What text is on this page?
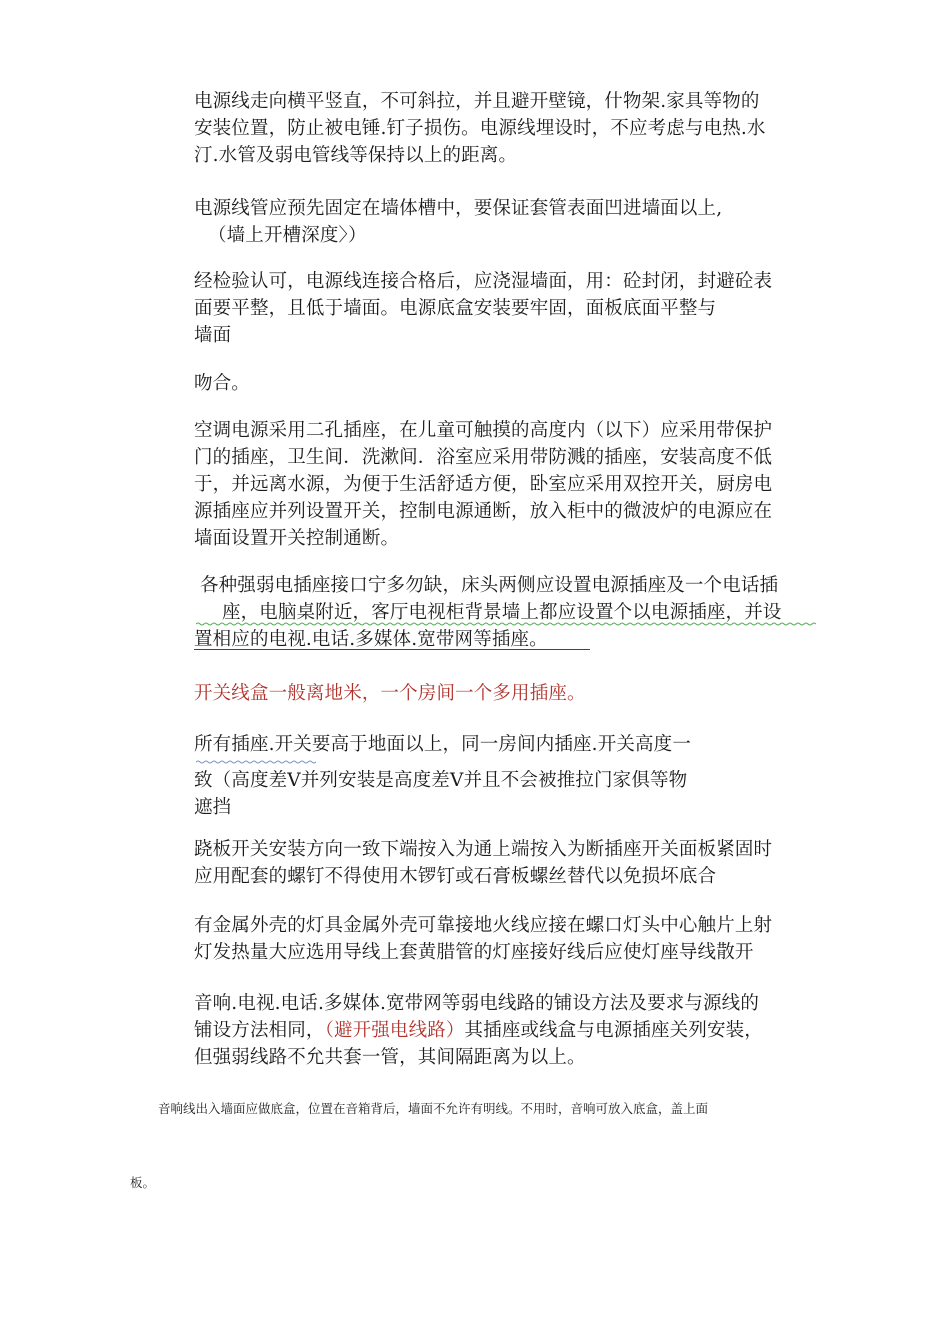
电源线走向横平竖直，不可斜拉，并且避开壁镜，什物架.家具等物的
安装位置，防止被电锤.钉子损伤。电源线埋设时，不应考虑与电热.水
汀.水管及弱电管线等保持以上的距离。

电源线管应预先固定在墙体槽中，要保证套管表面凹进墙面以上,
（墙上开槽深度〉）

经检验认可，电源线连接合格后，应浇湿墙面，用：砼封闭，封避砼表
面要平整，且低于墙面。电源底盒安装要牢固，面板底面平整与
墙面

吻合。

空调电源采用二孔插座，在儿童可触摸的高度内（以下）应采用带保护
门的插座，卫生间．洗漱间．浴室应采用带防溅的插座，安装高度不低
于，并远离水源，为便于生活舒适方便，卧室应采用双控开关，厨房电
源插座应并列设置开关，控制电源通断，放入柜中的微波炉的电源应在
墙面设置开关控制通断。

各种强弱电插座接口宁多勿缺，床头两侧应设置电源插座及一个电话插
座，电脑桌附近，客厅电视柜背景墙上都应设置个以电源插座，并设
置相应的电视.电话.多媒体.宽带网等插座。

开关线盒一般离地米，一个房间一个多用插座。

所有插座.开关要高于地面以上，同一房间内插座.开关高度一
致（高度差Ⅴ并列安装是高度差Ⅴ并且不会被推拉门家俱等物
遮挡

跷板开关安装方向一致下端按入为通上端按入为断插座开关面板紧固时
应用配套的螺钉不得使用木锣钉或石膏板螺丝替代以免损坏底合

有金属外壳的灯具金属外壳可靠接地火线应接在螺口灯头中心触片上射
灯发热量大应选用导线上套黄腊管的灯座接好线后应使灯座导线散开

音响.电视.电话.多媒体.宽带网等弱电线路的铺设方法及要求与源线的
铺设方法相同，（避开强电线路）其插座或线盒与电源插座关列安装，
但强弱线路不允共套一管，其间隔距离为以上。

音响线出入墙面应做底盒，位置在音箱背后，墙面不允许有明线。不用时，音响可放入底盒，盖上面

板。
